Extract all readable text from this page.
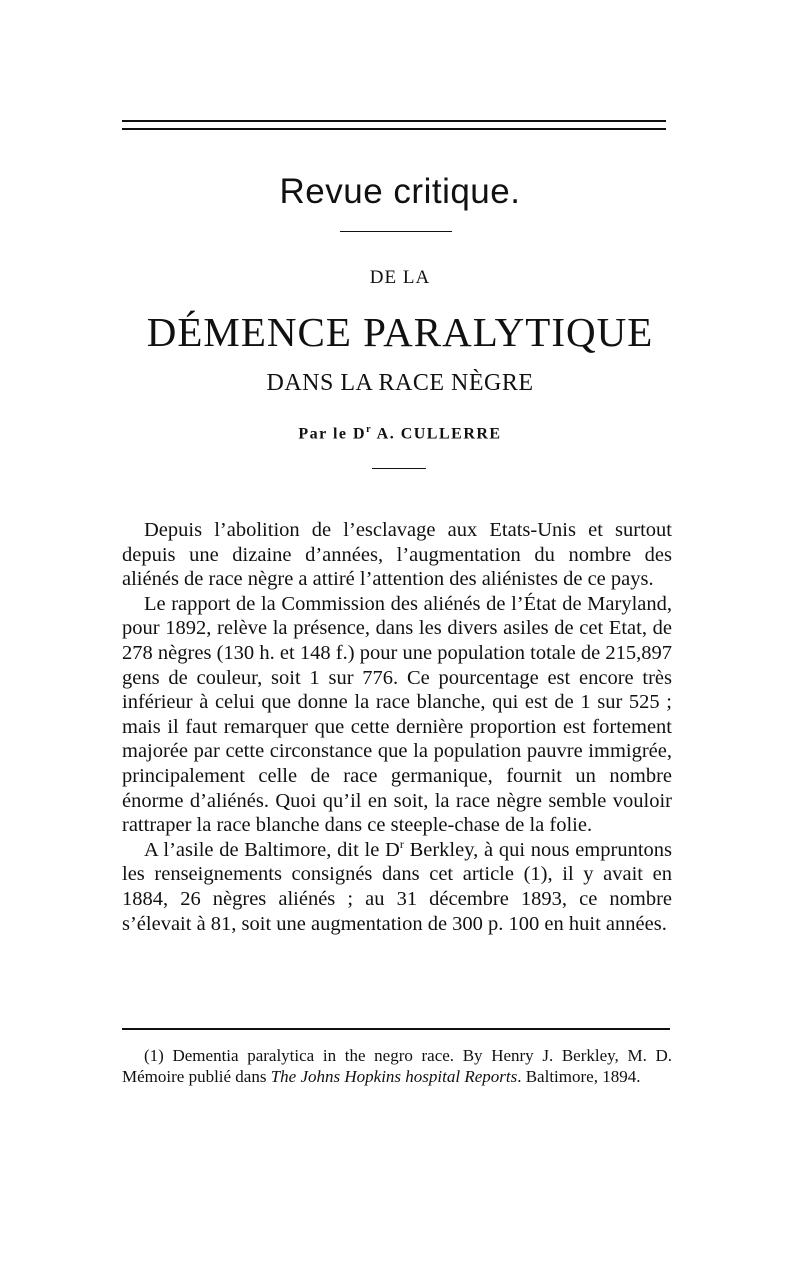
Revue critique.
DE LA
DÉMENCE PARALYTIQUE
DANS LA RACE NÈGRE
Par le $D^r$ A. CULLERRE

Depuis l’abolition de l’esclavage aux Etats-Unis et surtout depuis une dizaine d’années, l’augmentation du nombre des aliénés de race nègre a attiré l’attention des aliénistes de ce pays.

Le rapport de la Commission des aliénés de l’État de Maryland, pour 1892, relève la présence, dans les divers asiles de cet Etat, de 278 nègres (130 h. et 148 f.) pour une population totale de 215,897 gens de couleur, soit 1 sur 776. Ce pourcentage est encore très inférieur à celui que donne la race blanche, qui est de 1 sur 525 ; mais il faut remarquer que cette dernière proportion est fortement majorée par cette circonstance que la population pauvre immigrée, principalement celle de race germanique, fournit un nombre énorme d’aliénés. Quoi qu’il en soit, la race nègre semble vouloir rattraper la race blanche dans ce steeple-chase de la folie.

A l’asile de Baltimore, dit le $D^r$ Berkley, à qui nous empruntons les renseignements consignés dans cet article (1), il y avait en 1884, 26 nègres aliénés ; au 31 décembre 1893, ce nombre s’élevait à 81, soit une augmentation de 300 p. 100 en huit années.

(1) Dementia paralytica in the negro race. By Henry J. Berkley, M. D. Mémoire publié dans The Johns Hopkins hospital Reports. Baltimore, 1894.
